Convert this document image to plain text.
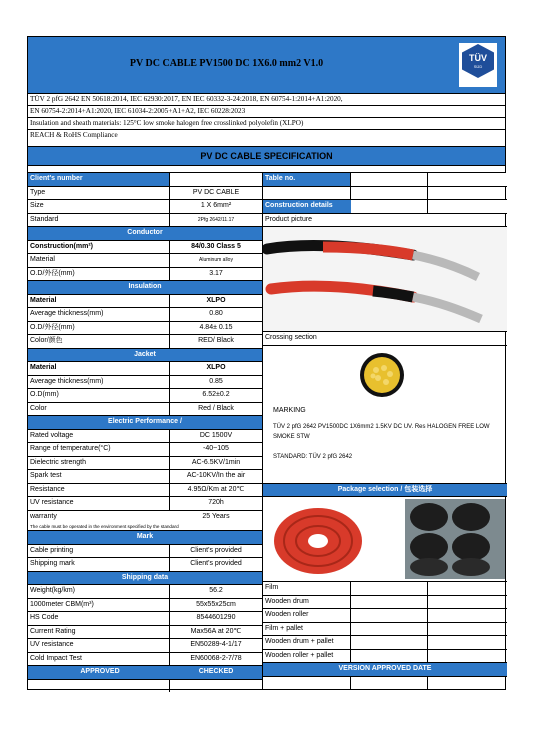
PV DC CABLE PV1500 DC 1X6.0 mm2 V1.0	TÜV
SÜD
TÜV 2 pfG 2642 EN 50618:2014, IEC 62930:2017, EN IEC 60332-3-24:2018, EN 60754-1:2014+A1:2020,
EN 60754-2:2014+A1:2020, IEC 61034-2:2005+A1+A2, IEC 60228:2023
Insulation and sheath materials: 125°C low smoke halogen free crosslinked polyolefin (XLPO)
REACH & RoHS Compliance
PV DC CABLE SPECIFICATION
Client's number
Type	PV DC CABLE
Size	1 X 6mm²
Standard	2Pfg 2642/11.17
Conductor
Construction(mm²)	84/0.30 Class 5
Material	Aluminum alloy
O.D/外径(mm)	3.17
Insulation
Material	XLPO
Average thickness(mm)	0.80
O.D/外径(mm)	4.84± 0.15
Color/颜色	RED/ Black
Jacket
Material	XLPO
Average thickness(mm)	0.85
O.D(mm)	6.52±0.2
Color	Red / Black
Electric Performance /
Rated voltage	DC 1500V
Range of temperature(°C)	-40~105
Dielectric strength	AC-6.5KV/1min
Spark test	AC-10KV/In the air
Resistance	4.95Ω/Km at 20℃
UV resistance	720h
warranty	25 Years
The cable must be operated in the environment specified by the standard
Mark
Cable printing	Client's provided
Shipping mark	Client's provided
Shipping data
Weight(kg/km)	56.2
1000meter CBM(m³)	55x55x25cm
HS Code	8544601290
Current Rating	Max56A at 20℃
UV resistance	EN50289-4-1/17
Cold Impact Test	EN60068-2-7/78
APPROVED	CHECKED
Table no.
Construction details
Product picture
Crossing section
MARKING
TÜV 2 pfG 2642 PV1500DC 1X6mm2 1.5KV DC UV. Res HALOGEN FREE LOW SMOKE STW
STANDARD: TÜV 2 pfG 2642
Package selection / 包装选择
Film
Wooden drum
Wooden roller
Film + pallet
Wooden drum + pallet
Wooden roller + pallet
VERSION APPROVED DATE
